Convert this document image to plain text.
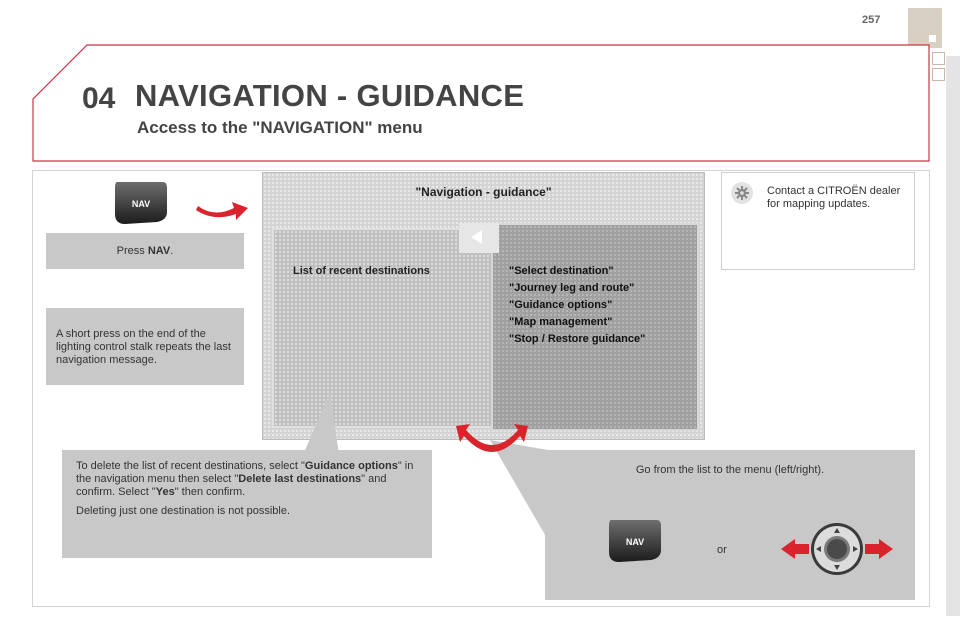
257
04 NAVIGATION - GUIDANCE
Access to the "NAVIGATION" menu
NAV
Press NAV.
A short press on the end of the lighting control stalk repeats the last navigation message.
"Navigation - guidance"
List of recent destinations	"Select destination"
"Journey leg and route"
"Guidance options"
"Map management"
"Stop / Restore guidance"
Contact a CITROËN dealer for mapping updates.
To delete the list of recent destinations, select "Guidance options" in the navigation menu then select "Delete last destinations" and confirm. Select "Yes" then confirm.
Deleting just one destination is not possible.
Go from the list to the menu (left/right).
NAV
or
